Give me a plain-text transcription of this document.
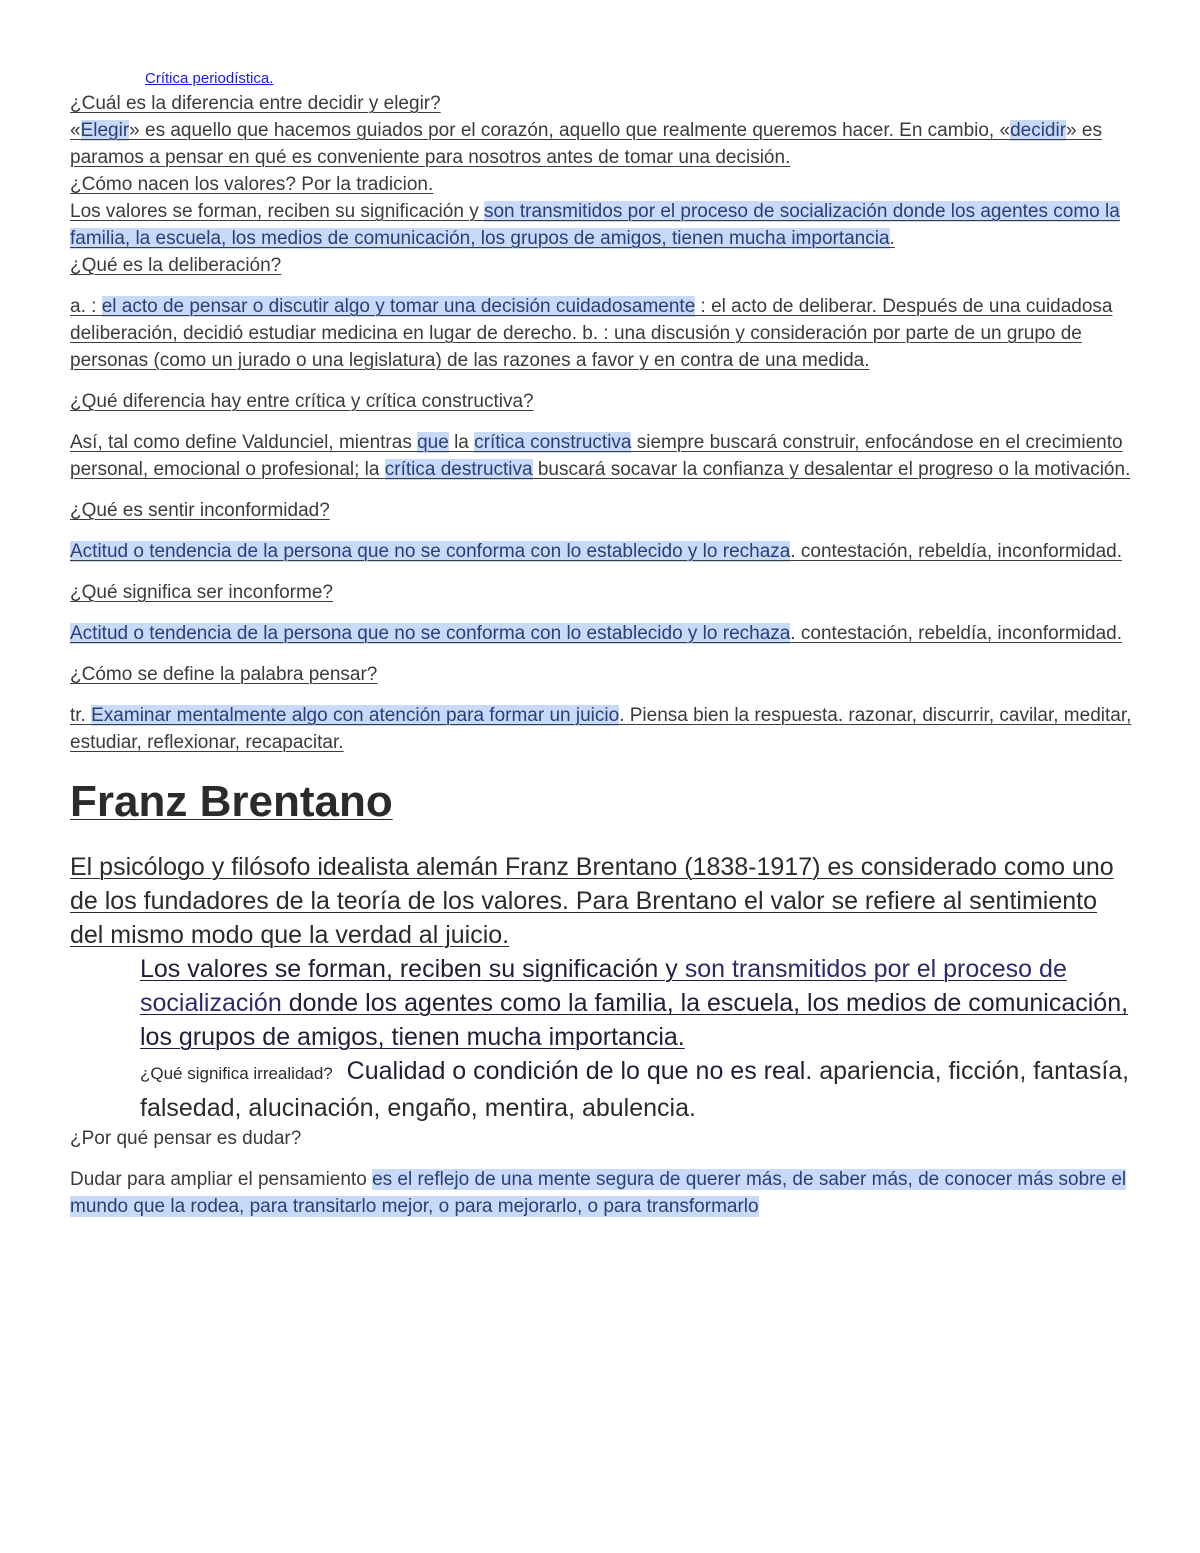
Crítica periodística.

¿Cuál es la diferencia entre decidir y elegir?

«Elegir» es aquello que hacemos guiados por el corazón, aquello que realmente queremos hacer. En cambio, «decidir» es paramos a pensar en qué es conveniente para nosotros antes de tomar una decisión.

¿Cómo nacen los valores? Por la tradicion.

Los valores se forman, reciben su significación y son transmitidos por el proceso de socialización donde los agentes como la familia, la escuela, los medios de comunicación, los grupos de amigos, tienen mucha importancia.

¿Qué es la deliberación?

a. : el acto de pensar o discutir algo y tomar una decisión cuidadosamente : el acto de deliberar. Después de una cuidadosa deliberación, decidió estudiar medicina en lugar de derecho. b. : una discusión y consideración por parte de un grupo de personas (como un jurado o una legislatura) de las razones a favor y en contra de una medida.

¿Qué diferencia hay entre crítica y crítica constructiva?

Así, tal como define Valdunciel, mientras que la crítica constructiva siempre buscará construir, enfocándose en el crecimiento personal, emocional o profesional; la crítica destructiva buscará socavar la confianza y desalentar el progreso o la motivación.

¿Qué es sentir inconformidad?

Actitud o tendencia de la persona que no se conforma con lo establecido y lo rechaza. contestación, rebeldía, inconformidad.

¿Qué significa ser inconforme?

Actitud o tendencia de la persona que no se conforma con lo establecido y lo rechaza. contestación, rebeldía, inconformidad.

¿Cómo se define la palabra pensar?

tr. Examinar mentalmente algo con atención para formar un juicio. Piensa bien la respuesta. razonar, discurrir, cavilar, meditar, estudiar, reflexionar, recapacitar.

Franz Brentano

El psicólogo y filósofo idealista alemán Franz Brentano (1838-1917) es considerado como uno de los fundadores de la teoría de los valores. Para Brentano el valor se refiere al sentimiento del mismo modo que la verdad al juicio.

Los valores se forman, reciben su significación y son transmitidos por el proceso de socialización donde los agentes como la familia, la escuela, los medios de comunicación, los grupos de amigos, tienen mucha importancia.

¿Qué significa irrealidad? Cualidad o condición de lo que no es real. apariencia, ficción, fantasía, falsedad, alucinación, engaño, mentira, abulencia.

¿Por qué pensar es dudar?

Dudar para ampliar el pensamiento es el reflejo de una mente segura de querer más, de saber más, de conocer más sobre el mundo que la rodea, para transitarlo mejor, o para mejorarlo, o para transformarlo
